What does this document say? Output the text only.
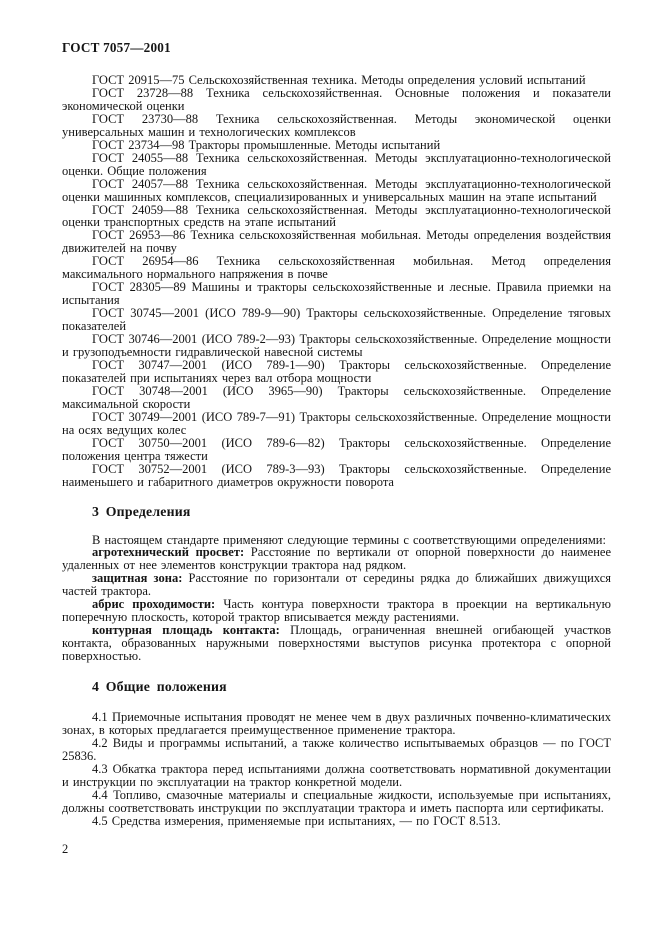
ГОСТ 7057—2001

ГОСТ 20915—75 Сельскохозяйственная техника. Методы определения условий испытаний

ГОСТ 23728—88 Техника сельскохозяйственная. Основные положения и показатели экономической оценки

ГОСТ 23730—88 Техника сельскохозяйственная. Методы экономической оценки универсальных машин и технологических комплексов

ГОСТ 23734—98 Тракторы промышленные. Методы испытаний

ГОСТ 24055—88 Техника сельскохозяйственная. Методы эксплуатационно-технологической оценки. Общие положения

ГОСТ 24057—88 Техника сельскохозяйственная. Методы эксплуатационно-технологической оценки машинных комплексов, специализированных и универсальных машин на этапе испытаний

ГОСТ 24059—88 Техника сельскохозяйственная. Методы эксплуатационно-технологической оценки транспортных средств на этапе испытаний

ГОСТ 26953—86 Техника сельскохозяйственная мобильная. Методы определения воздействия движителей на почву

ГОСТ 26954—86 Техника сельскохозяйственная мобильная. Метод определения максимального нормального напряжения в почве

ГОСТ 28305—89 Машины и тракторы сельскохозяйственные и лесные. Правила приемки на испытания

ГОСТ 30745—2001 (ИСО 789-9—90) Тракторы сельскохозяйственные. Определение тяговых показателей

ГОСТ 30746—2001 (ИСО 789-2—93) Тракторы сельскохозяйственные. Определение мощности и грузоподъемности гидравлической навесной системы

ГОСТ 30747—2001 (ИСО 789-1—90) Тракторы сельскохозяйственные. Определение показателей при испытаниях через вал отбора мощности

ГОСТ 30748—2001 (ИСО 3965—90) Тракторы сельскохозяйственные. Определение максимальной скорости

ГОСТ 30749—2001 (ИСО 789-7—91) Тракторы сельскохозяйственные. Определение мощности на осях ведущих колес

ГОСТ 30750—2001 (ИСО 789-6—82) Тракторы сельскохозяйственные. Определение положения центра тяжести

ГОСТ 30752—2001 (ИСО 789-3—93) Тракторы сельскохозяйственные. Определение наименьшего и габаритного диаметров окружности поворота

3 Определения

В настоящем стандарте применяют следующие термины с соответствующими определениями:

агротехнический просвет: Расстояние по вертикали от опорной поверхности до наименее удаленных от нее элементов конструкции трактора над рядком.

защитная зона: Расстояние по горизонтали от середины рядка до ближайших движущихся частей трактора.

абрис проходимости: Часть контура поверхности трактора в проекции на вертикальную поперечную плоскость, которой трактор вписывается между растениями.

контурная площадь контакта: Площадь, ограниченная внешней огибающей участков контакта, образованных наружными поверхностями выступов рисунка протектора с опорной поверхностью.

4 Общие положения

4.1 Приемочные испытания проводят не менее чем в двух различных почвенно-климатических зонах, в которых предлагается преимущественное применение трактора.

4.2 Виды и программы испытаний, а также количество испытываемых образцов — по ГОСТ 25836.

4.3 Обкатка трактора перед испытаниями должна соответствовать нормативной документации и инструкции по эксплуатации на трактор конкретной модели.

4.4 Топливо, смазочные материалы и специальные жидкости, используемые при испытаниях, должны соответствовать инструкции по эксплуатации трактора и иметь паспорта или сертификаты.

4.5 Средства измерения, применяемые при испытаниях, — по ГОСТ 8.513.

2
